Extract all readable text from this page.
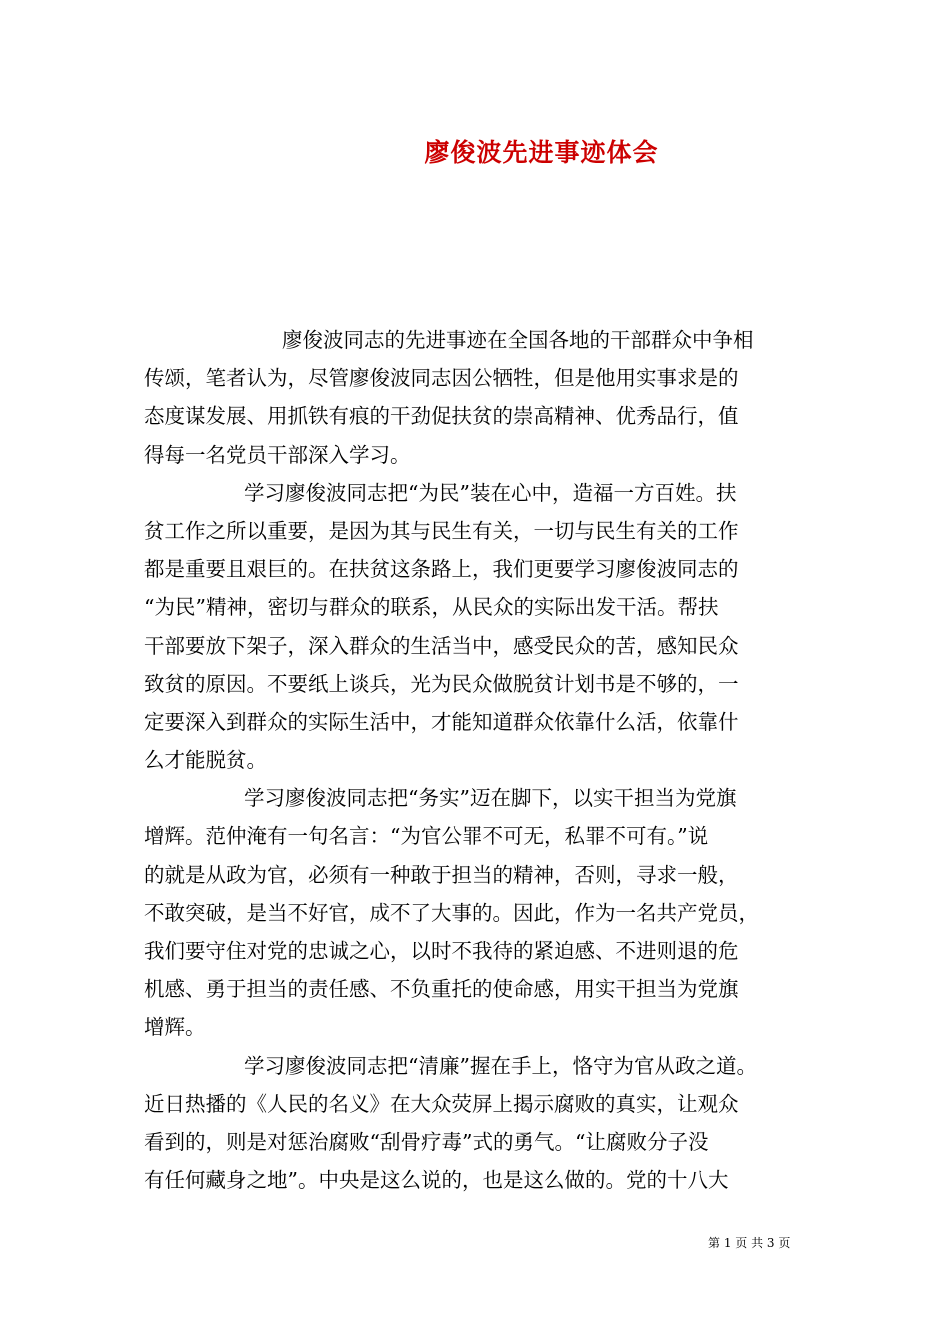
廖俊波先进事迹体会
廖俊波同志的先进事迹在全国各地的干部群众中争相
传颂，笔者认为，尽管廖俊波同志因公牺牲，但是他用实事求是的
态度谋发展、用抓铁有痕的干劲促扶贫的崇高精神、优秀品行，值
得每一名党员干部深入学习。
学习廖俊波同志把“为民”装在心中，造福一方百姓。扶
贫工作之所以重要，是因为其与民生有关，一切与民生有关的工作
都是重要且艰巨的。在扶贫这条路上，我们更要学习廖俊波同志的
“为民”精神，密切与群众的联系，从民众的实际出发干活。帮扶
干部要放下架子，深入群众的生活当中，感受民众的苦，感知民众
致贫的原因。不要纸上谈兵，光为民众做脱贫计划书是不够的，一
定要深入到群众的实际生活中，才能知道群众依靠什么活，依靠什
么才能脱贫。
学习廖俊波同志把“务实”迈在脚下，以实干担当为党旗
增辉。范仲淹有一句名言：“为官公罪不可无，私罪不可有。”说
的就是从政为官，必须有一种敢于担当的精神，否则，寻求一般，
不敢突破，是当不好官，成不了大事的。因此，作为一名共产党员，
我们要守住对党的忠诚之心，以时不我待的紧迫感、不进则退的危
机感、勇于担当的责任感、不负重托的使命感，用实干担当为党旗
增辉。
学习廖俊波同志把“清廉”握在手上，恪守为官从政之道。
近日热播的《人民的名义》在大众荧屏上揭示腐败的真实，让观众
看到的，则是对惩治腐败“刮骨疗毒”式的勇气。“让腐败分子没
有任何藏身之地”。中央是这么说的，也是这么做的。党的十八大
第 1 页 共 3 页
